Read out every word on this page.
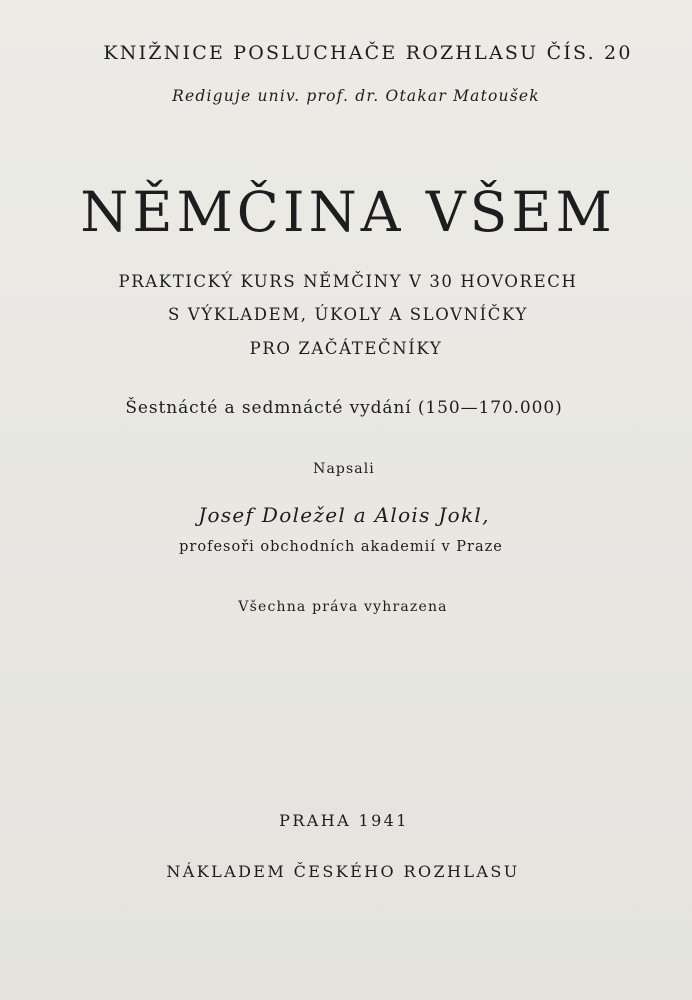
KNIŽNICE POSLUCHAČE ROZHLASU ČÍS. 20
Rediguje univ. prof. dr. Otakar Matoušek
NĚMČINA VŠEM
PRAKTICKÝ KURS NĚMČINY V 30 HOVORECH
S VÝKLADEM, ÚKOLY A SLOVNÍČKY
PRO ZAČÁTEČNÍKY
Šestnácté a sedmnácté vydání (150—170.000)
Napsali
Josef Doležel a Alois Jokl,
profesoři obchodních akademií v Praze
Všechna práva vyhrazena
PRAHA 1941
NÁKLADEM ČESKÉHO ROZHLASU
